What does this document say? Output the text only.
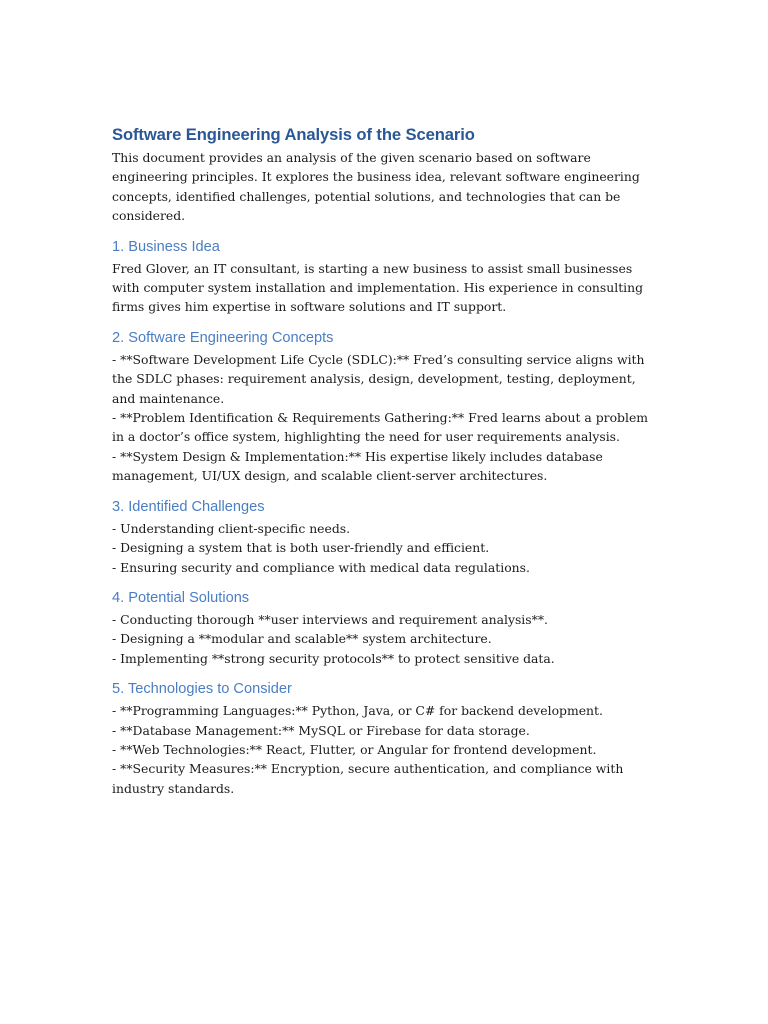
Software Engineering Analysis of the Scenario

This document provides an analysis of the given scenario based on software engineering principles. It explores the business idea, relevant software engineering concepts, identified challenges, potential solutions, and technologies that can be considered.

1. Business Idea

Fred Glover, an IT consultant, is starting a new business to assist small businesses with computer system installation and implementation. His experience in consulting firms gives him expertise in software solutions and IT support.

2. Software Engineering Concepts
- **Software Development Life Cycle (SDLC):** Fred’s consulting service aligns with the SDLC phases: requirement analysis, design, development, testing, deployment, and maintenance.
- **Problem Identification & Requirements Gathering:** Fred learns about a problem in a doctor’s office system, highlighting the need for user requirements analysis.
- **System Design & Implementation:** His expertise likely includes database management, UI/UX design, and scalable client-server architectures.
3. Identified Challenges
- Understanding client-specific needs.
- Designing a system that is both user-friendly and efficient.
- Ensuring security and compliance with medical data regulations.
4. Potential Solutions
- Conducting thorough **user interviews and requirement analysis**.
- Designing a **modular and scalable** system architecture.
- Implementing **strong security protocols** to protect sensitive data.
5. Technologies to Consider
- **Programming Languages:** Python, Java, or C# for backend development.
- **Database Management:** MySQL or Firebase for data storage.
- **Web Technologies:** React, Flutter, or Angular for frontend development.
- **Security Measures:** Encryption, secure authentication, and compliance with industry standards.
